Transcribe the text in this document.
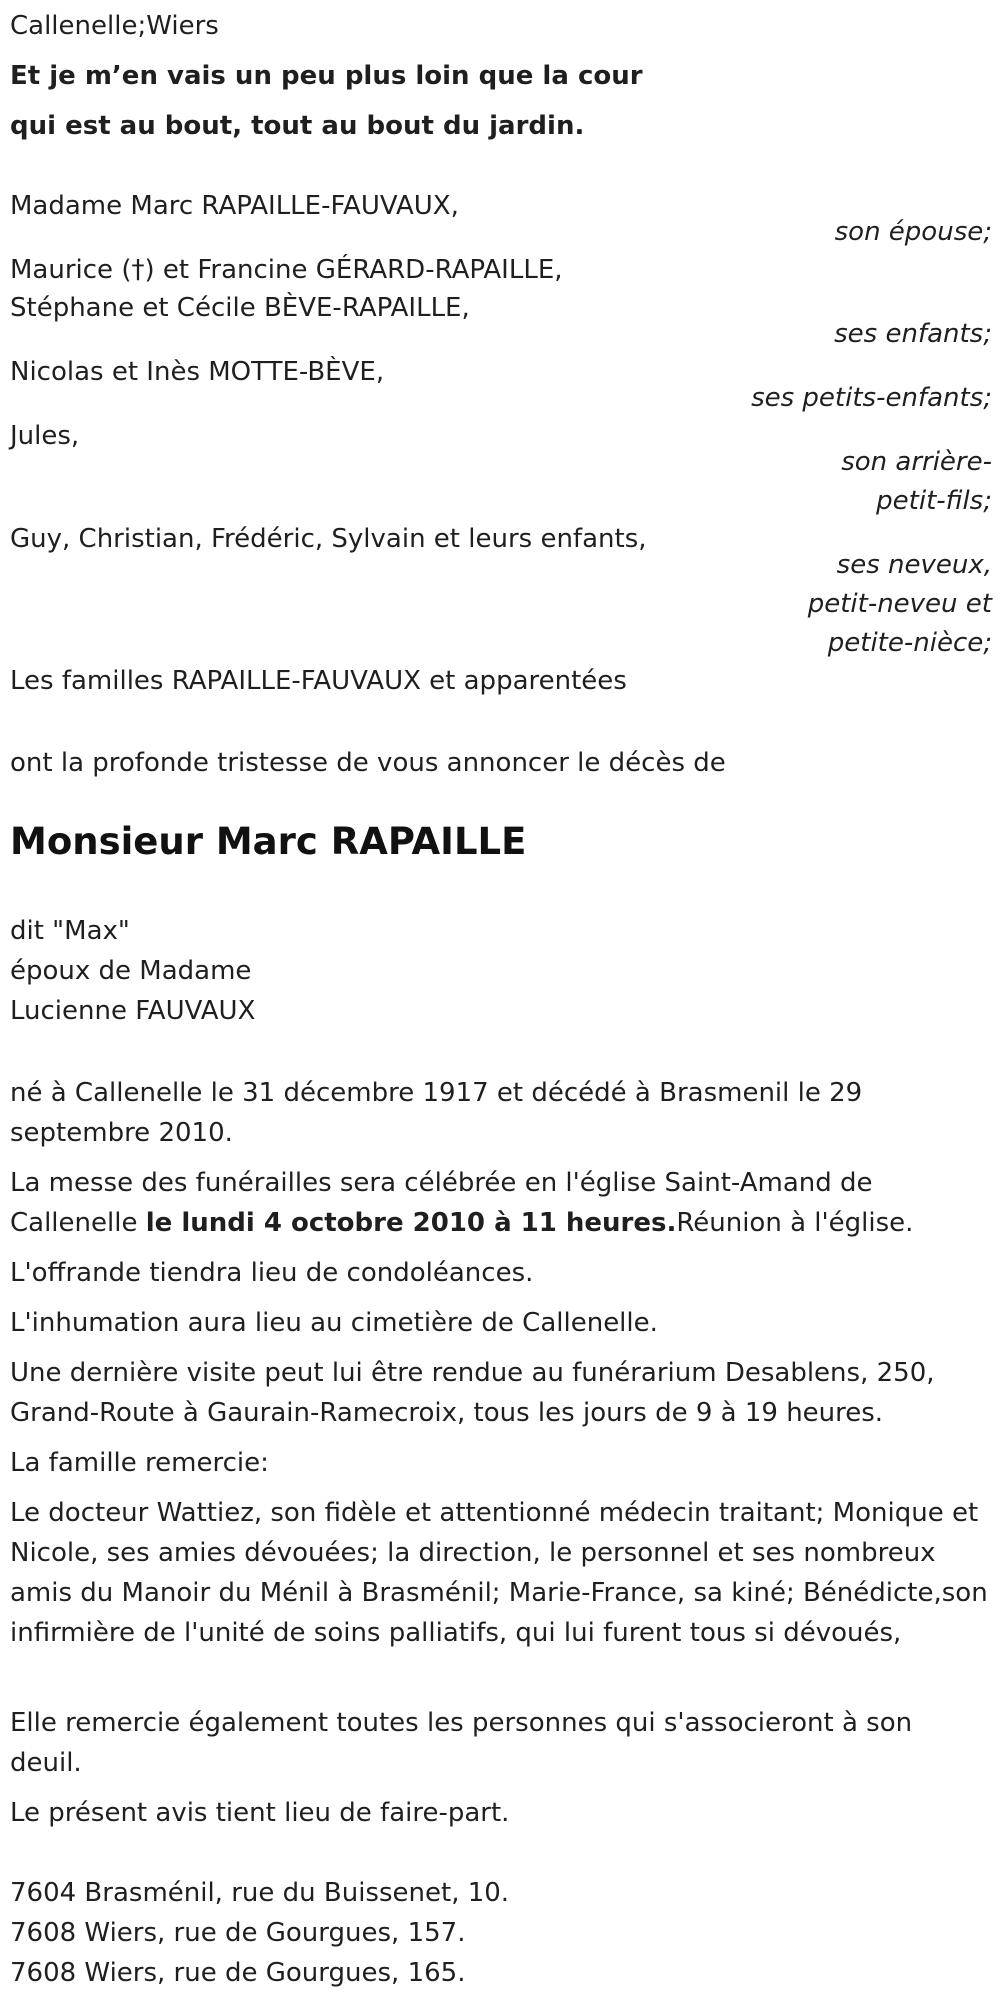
Callenelle;Wiers
Et je m’en vais un peu plus loin que la cour
qui est au bout, tout au bout du jardin.
Madame Marc RAPAILLE-FAUVAUX,
son épouse;
Maurice (†) et Francine GÉRARD-RAPAILLE,
Stéphane et Cécile BÈVE-RAPAILLE,
ses enfants;
Nicolas et Inès MOTTE-BÈVE,
ses petits-enfants;
Jules,
son arrière-
petit-fils;
Guy, Christian, Frédéric, Sylvain et leurs enfants,
ses neveux,
petit-neveu et
petite-nièce;
Les familles RAPAILLE-FAUVAUX et apparentées
ont la profonde tristesse de vous annoncer le décès de
Monsieur Marc RAPAILLE
dit "Max"
époux de Madame
Lucienne FAUVAUX
né à Callenelle le 31 décembre 1917 et décédé à Brasmenil le 29 septembre 2010.
La messe des funérailles sera célébrée en l'église Saint-Amand de Callenelle le lundi 4 octobre 2010 à 11 heures.Réunion à l'église.
L'offrande tiendra lieu de condoléances.
L'inhumation aura lieu au cimetière de Callenelle.
Une dernière visite peut lui être rendue au funérarium Desablens, 250, Grand-Route à Gaurain-Ramecroix, tous les jours de 9 à 19 heures.
La famille remercie:
Le docteur Wattiez, son fidèle et attentionné médecin traitant; Monique et Nicole, ses amies dévouées; la direction, le personnel et ses nombreux amis du Manoir du Ménil à Brasménil; Marie-France, sa kiné; Bénédicte,son infirmière de l'unité de soins palliatifs, qui lui furent tous si dévoués,
Elle remercie également toutes les personnes qui s'associeront à son deuil.
Le présent avis tient lieu de faire-part.
7604 Brasménil, rue du Buissenet, 10.
7608 Wiers, rue de Gourgues, 157.
7608 Wiers, rue de Gourgues, 165.
